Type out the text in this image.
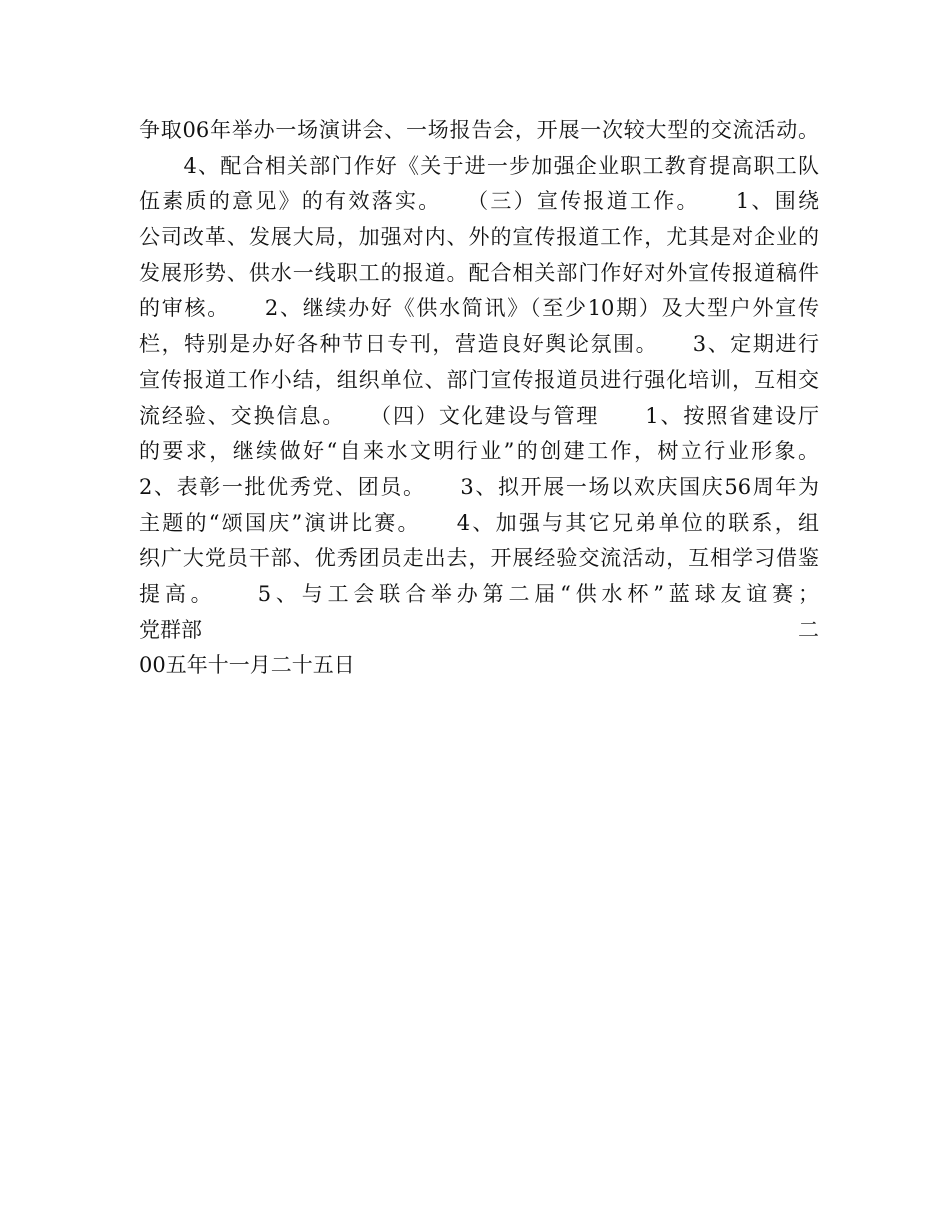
争取06年举办一场演讲会、一场报告会，开展一次较大型的交流活动。
　　4、配合相关部门作好《关于进一步加强企业职工教育提高职工队
伍素质的意见》的有效落实。　　（三）宣传报道工作。　　1、围绕
公司改革、发展大局，加强对内、外的宣传报道工作，尤其是对企业的
发展形势、供水一线职工的报道。配合相关部门作好对外宣传报道稿件
的审核。　　2、继续办好《供水简讯》（至少10期）及大型户外宣传
栏，特别是办好各种节日专刊，营造良好舆论氛围。　　3、定期进行
宣传报道工作小结，组织单位、部门宣传报道员进行强化培训，互相交
流经验、交换信息。　　（四）文化建设与管理　　1、按照省建设厅
的要求，继续做好“自来水文明行业”的创建工作，树立行业形象。
2、表彰一批优秀党、团员。　　3、拟开展一场以欢庆国庆56周年为
主题的“颂国庆”演讲比赛。　　4、加强与其它兄弟单位的联系，组
织广大党员干部、优秀团员走出去，开展经验交流活动，互相学习借鉴
提高。　　5、与工会联合举办第二届“供水杯”蓝球友谊赛；
党群部	二
00五年十一月二十五日
